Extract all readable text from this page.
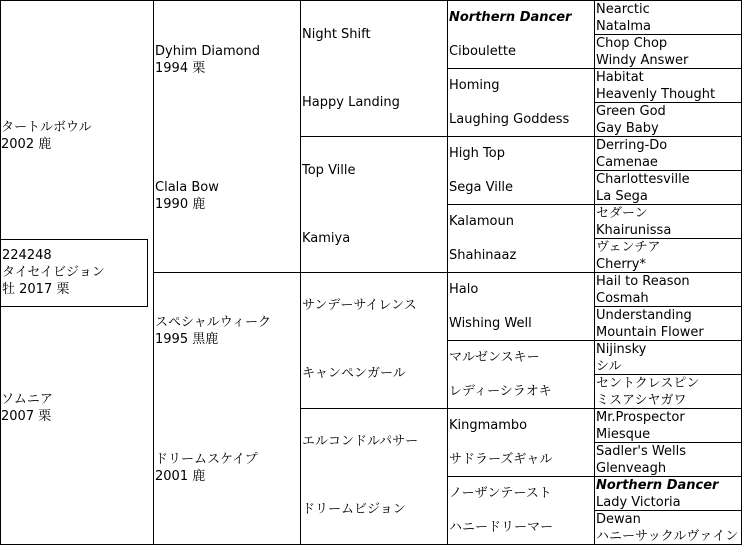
タートルボウル
2002 鹿
ソムニア
2007 栗
Dyhim Diamond
1994 栗
Clala Bow
1990 鹿
スペシャルウィーク
1995 黒鹿
ドリームスケイプ
2001 鹿
Night Shift
Happy Landing
Top Ville
Kamiya
サンデーサイレンス
キャンペンガール
エルコンドルパサー
ドリームビジョン
Northern Dancer
Ciboulette
Homing
Laughing Goddess
High Top
Sega Ville
Kalamoun
Shahinaaz
Halo
Wishing Well
マルゼンスキー
レディーシラオキ
Kingmambo
サドラーズギャル
ノーザンテースト
ハニードリーマー
Nearctic
Natalma
Chop Chop
Windy Answer
Habitat
Heavenly Thought
Green God
Gay Baby
Derring-Do
Camenae
Charlottesville
La Sega
セダーン
Khairunissa
ヴェンチア
Cherry*
Hail to Reason
Cosmah
Understanding
Mountain Flower
Nijinsky
シル
セントクレスピン
ミスアシヤガワ
Mr.Prospector
Miesque
Sadler's Wells
Glenveagh
Northern Dancer
Lady Victoria
Dewan
ハニーサックルヴァイン
224248
タイセイビジョン
牡 2017 栗
